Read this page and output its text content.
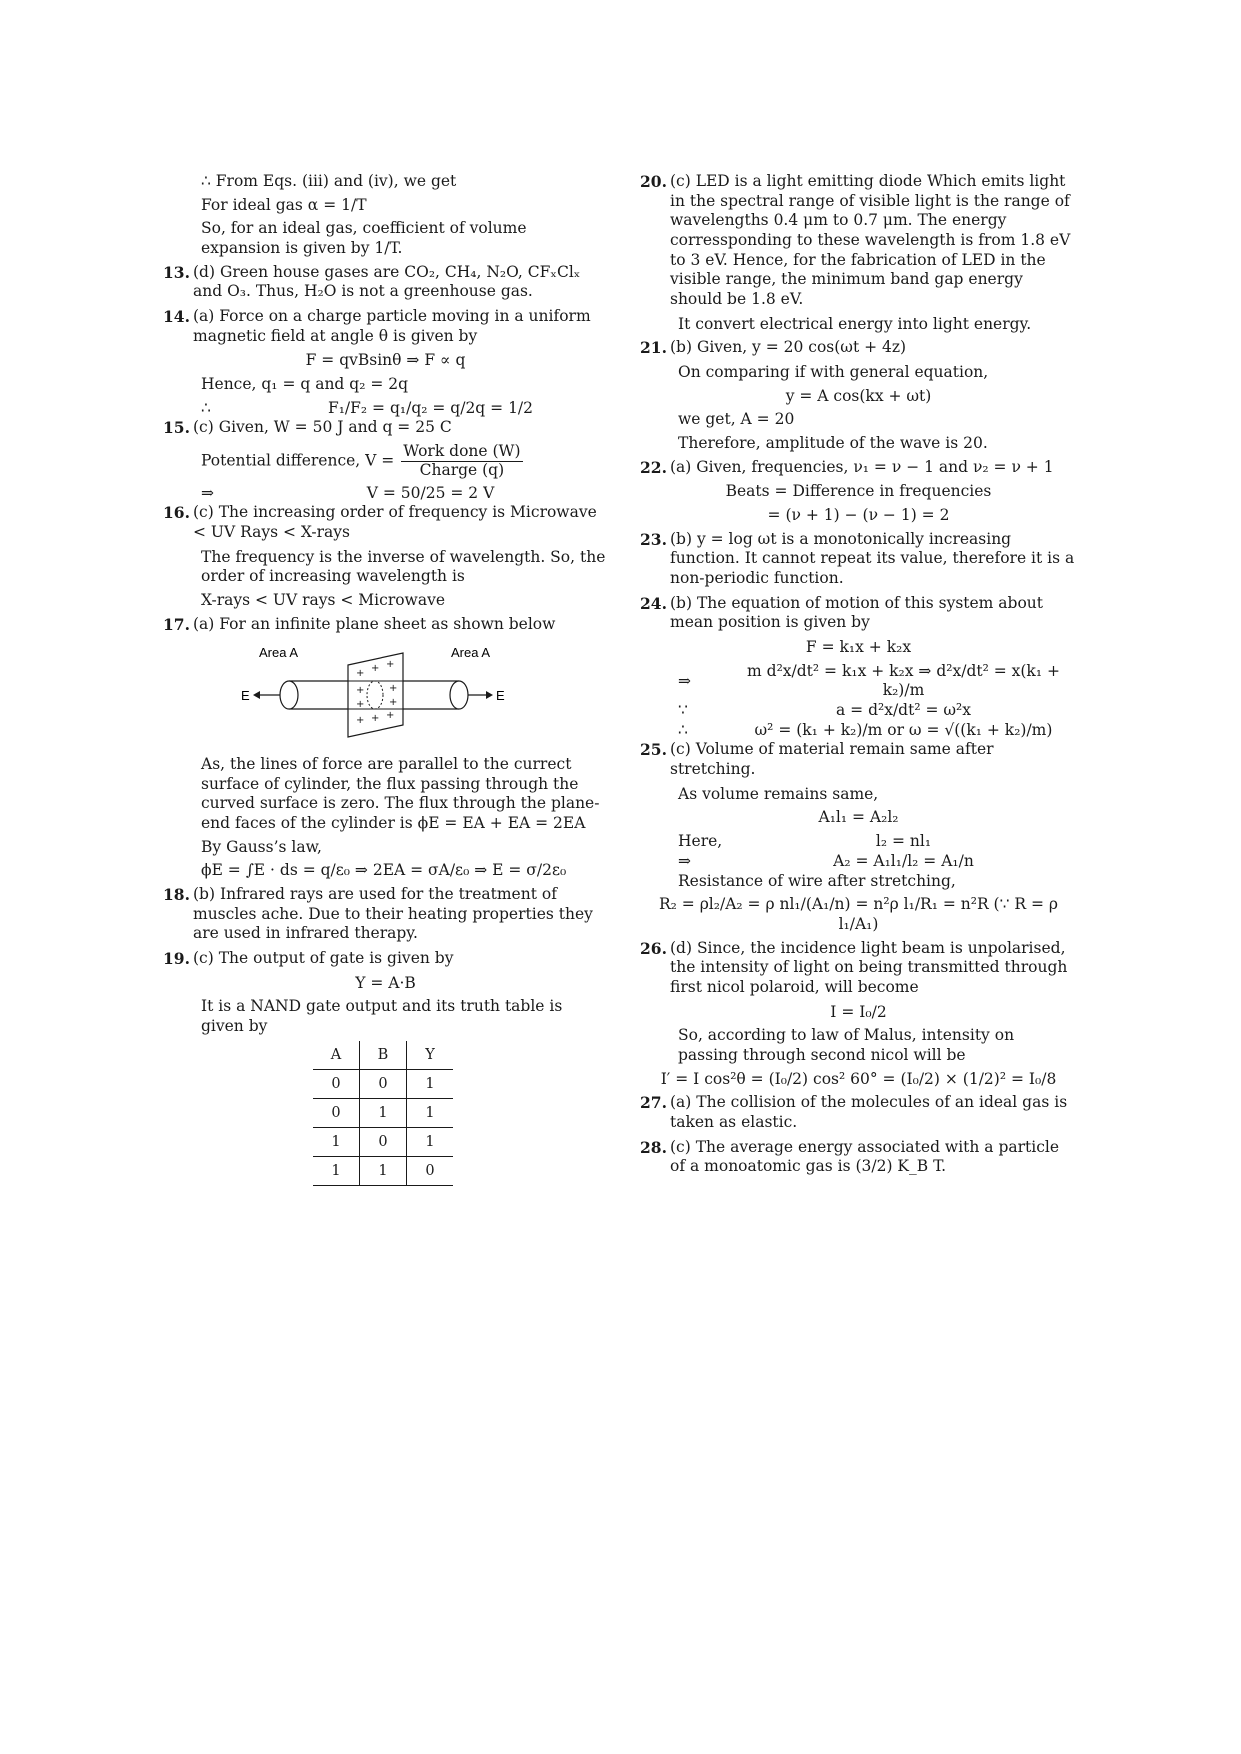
∴ From Eqs. (iii) and (iv), we get

For ideal gas α = 1/T

So, for an ideal gas, coefficient of volume expansion is given by 1/T.

13. (d) Green house gases are CO₂, CH₄, N₂O, CFₓClₓ and O₃. Thus, H₂O is not a greenhouse gas.
14. (a) Force on a charge particle moving in a uniform magnetic field at angle θ is given by

F = qvBsinθ ⇒ F ∝ q

Hence, q₁ = q and q₂ = 2q

∴	F₁/F₂ = q₁/q₂ = q/2q = 1/2
15. (c) Given, W = 50 J and q = 25 C

Potential difference, $V = \frac{\text{Work done (W)}}{\text{Charge (q)}}$

⇒	V = 50/25 = 2 V
16. (c) The increasing order of frequency is Microwave < UV Rays < X-rays

The frequency is the inverse of wavelength. So, the order of increasing wavelength is

X-rays < UV rays < Microwave

17. (a) For an infinite plane sheet as shown below
Area A	Area A
+ + +
+ +
+ +
+ + +
E	E

As, the lines of force are parallel to the currect surface of cylinder, the flux passing through the curved surface is zero. The flux through the plane-end faces of the cylinder is ϕE = EA + EA = 2EA

By Gauss’s law,

ϕE = ∫E · ds = q/ε₀ ⇒ 2EA = σA/ε₀ ⇒ E = σ/2ε₀

18. (b) Infrared rays are used for the treatment of muscles ache. Due to their heating properties they are used in infrared therapy.
19. (c) The output of gate is given by

Y = A·B

It is a NAND gate output and its truth table is given by

A	B	Y
0	0	1
0	1	1
1	0	1
1	1	0
20. (c) LED is a light emitting diode Which emits light in the spectral range of visible light is the range of wavelengths 0.4 μm to 0.7 μm. The energy corressponding to these wavelength is from 1.8 eV to 3 eV. Hence, for the fabrication of LED in the visible range, the minimum band gap energy should be 1.8 eV.

It convert electrical energy into light energy.

21. (b) Given, y = 20 cos(ωt + 4z)

On comparing if with general equation,

y = A cos(kx + ωt)

we get, A = 20

Therefore, amplitude of the wave is 20.

22. (a) Given, frequencies, ν₁ = ν − 1 and ν₂ = ν + 1

Beats = Difference in frequencies

= (ν + 1) − (ν − 1) = 2

23. (b) y = log ωt is a monotonically increasing function. It cannot repeat its value, therefore it is a non-periodic function.
24. (b) The equation of motion of this system about mean position is given by

F = k₁x + k₂x

⇒
m d²x/dt² = k₁x + k₂x ⇒ d²x/dt² = x(k₁ + k₂)/m
∵	a = d²x/dt² = ω²x
∴	ω² = (k₁ + k₂)/m or ω = √((k₁ + k₂)/m)
25. (c) Volume of material remain same after stretching.

As volume remains same,

A₁l₁ = A₂l₂

Here,	l₂ = nl₁
⇒	A₂ = A₁l₁/l₂ = A₁/n

Resistance of wire after stretching,

R₂ = ρl₂/A₂ = ρ nl₁/(A₁/n) = n²ρ l₁/R₁ = n²R (∵ R = ρ l₁/A₁)

26. (d) Since, the incidence light beam is unpolarised, the intensity of light on being transmitted through first nicol polaroid, will become

I = I₀/2

So, according to law of Malus, intensity on passing through second nicol will be

I′ = I cos²θ = (I₀/2) cos² 60° = (I₀/2) × (1/2)² = I₀/8

27. (a) The collision of the molecules of an ideal gas is taken as elastic.
28. (c) The average energy associated with a particle of a monoatomic gas is (3/2) K_B T.
